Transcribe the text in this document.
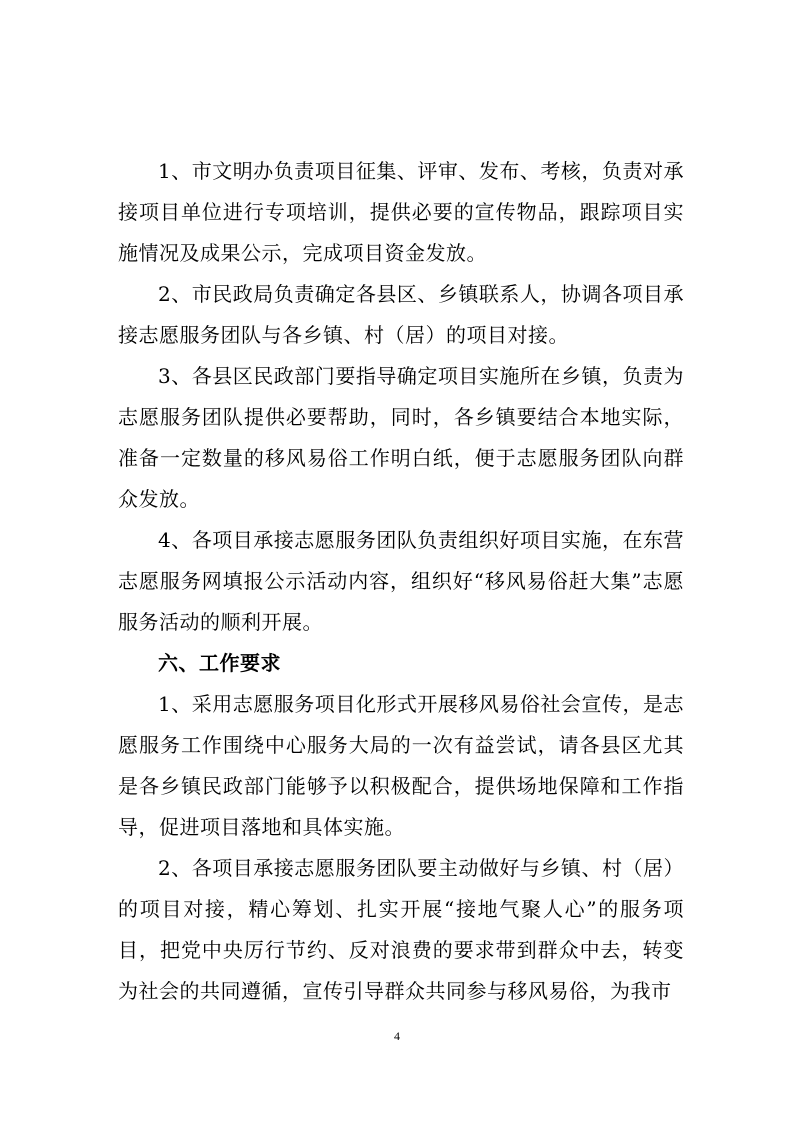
1、市文明办负责项目征集、评审、发布、考核，负责对承接项目单位进行专项培训，提供必要的宣传物品，跟踪项目实施情况及成果公示，完成项目资金发放。

2、市民政局负责确定各县区、乡镇联系人，协调各项目承接志愿服务团队与各乡镇、村（居）的项目对接。

3、各县区民政部门要指导确定项目实施所在乡镇，负责为志愿服务团队提供必要帮助，同时，各乡镇要结合本地实际，准备一定数量的移风易俗工作明白纸，便于志愿服务团队向群众发放。

4、各项目承接志愿服务团队负责组织好项目实施，在东营志愿服务网填报公示活动内容，组织好“移风易俗赶大集”志愿服务活动的顺利开展。

六、工作要求

1、采用志愿服务项目化形式开展移风易俗社会宣传，是志愿服务工作围绕中心服务大局的一次有益尝试，请各县区尤其是各乡镇民政部门能够予以积极配合，提供场地保障和工作指导，促进项目落地和具体实施。

2、各项目承接志愿服务团队要主动做好与乡镇、村（居）的项目对接，精心筹划、扎实开展“接地气聚人心”的服务项目，把党中央厉行节约、反对浪费的要求带到群众中去，转变为社会的共同遵循，宣传引导群众共同参与移风易俗，为我市

4
